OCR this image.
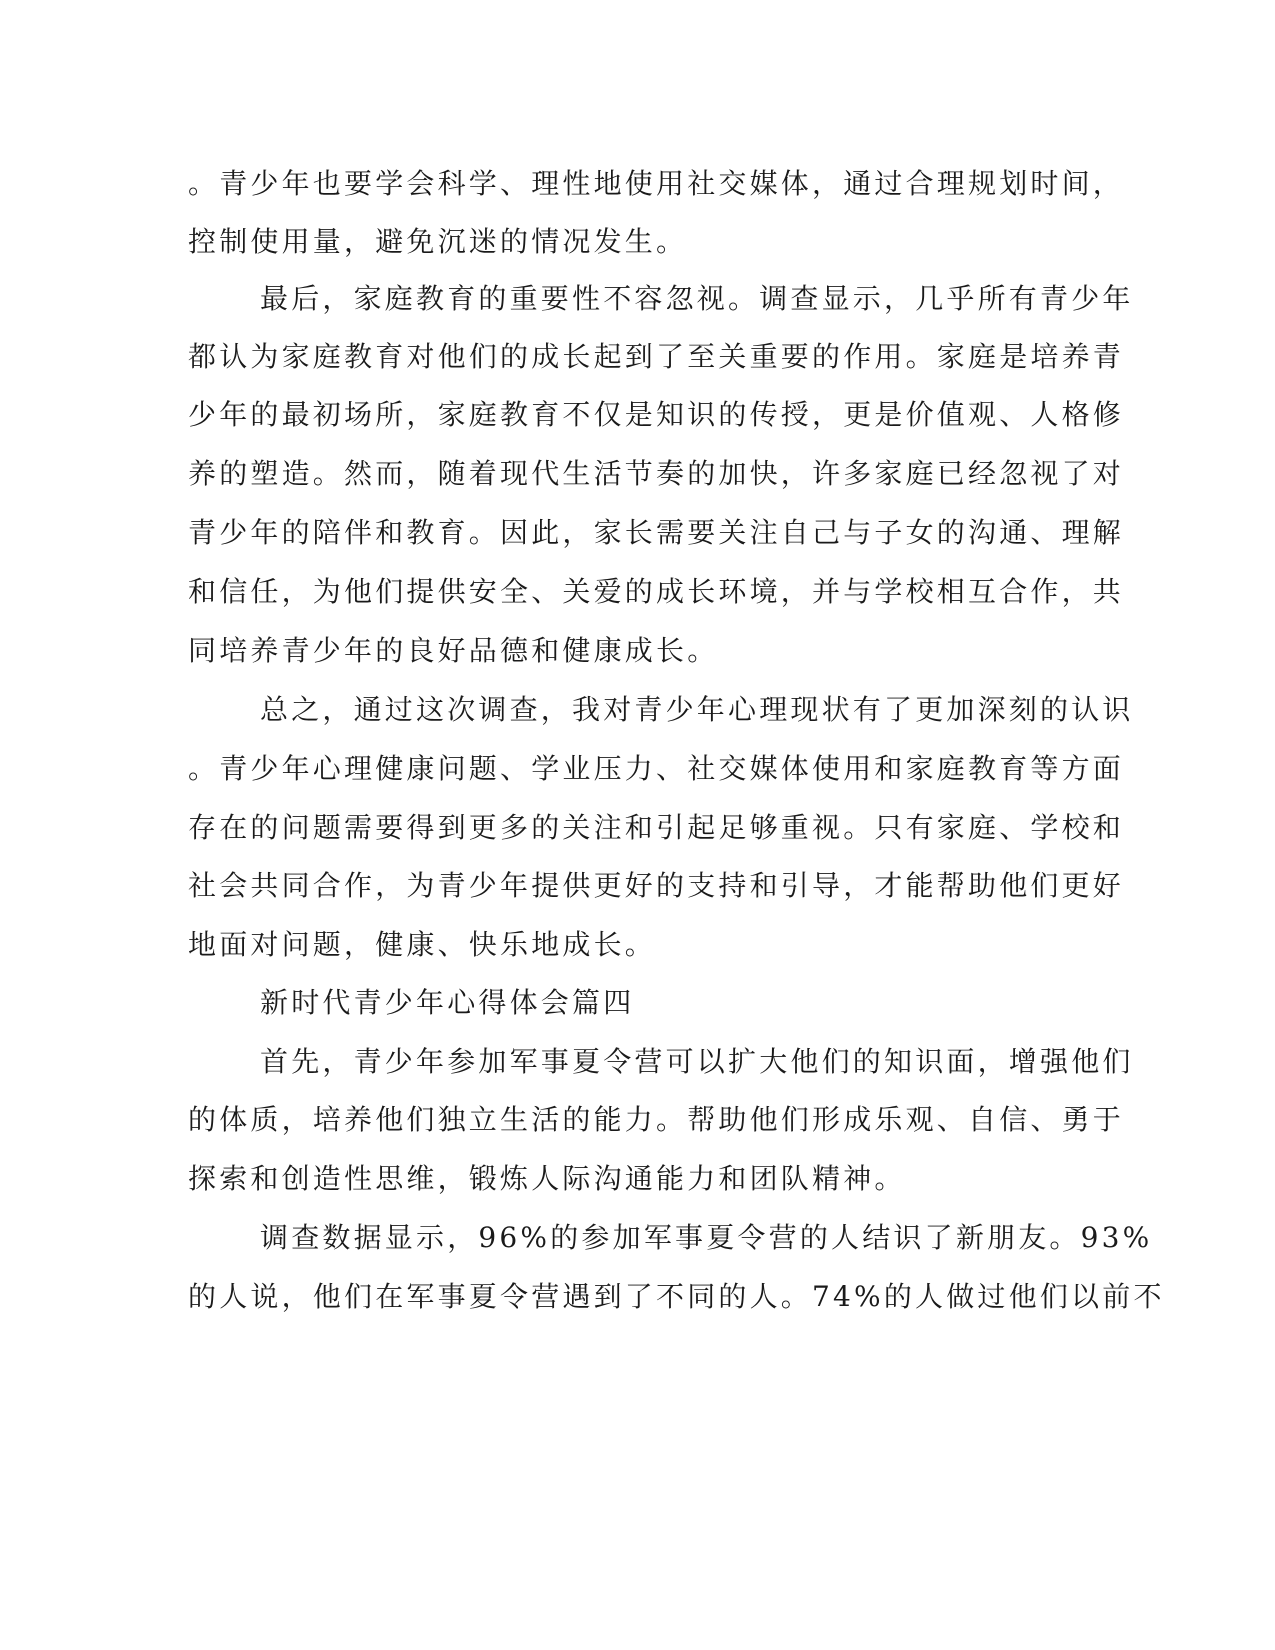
。青少年也要学会科学、理性地使用社交媒体，通过合理规划时间，
控制使用量，避免沉迷的情况发生。
最后，家庭教育的重要性不容忽视。调查显示，几乎所有青少年
都认为家庭教育对他们的成长起到了至关重要的作用。家庭是培养青
少年的最初场所，家庭教育不仅是知识的传授，更是价值观、人格修
养的塑造。然而，随着现代生活节奏的加快，许多家庭已经忽视了对
青少年的陪伴和教育。因此，家长需要关注自己与子女的沟通、理解
和信任，为他们提供安全、关爱的成长环境，并与学校相互合作，共
同培养青少年的良好品德和健康成长。
总之，通过这次调查，我对青少年心理现状有了更加深刻的认识
。青少年心理健康问题、学业压力、社交媒体使用和家庭教育等方面
存在的问题需要得到更多的关注和引起足够重视。只有家庭、学校和
社会共同合作，为青少年提供更好的支持和引导，才能帮助他们更好
地面对问题，健康、快乐地成长。
新时代青少年心得体会篇四
首先，青少年参加军事夏令营可以扩大他们的知识面，增强他们
的体质，培养他们独立生活的能力。帮助他们形成乐观、自信、勇于
探索和创造性思维，锻炼人际沟通能力和团队精神。
调查数据显示，96%的参加军事夏令营的人结识了新朋友。93%
的人说，他们在军事夏令营遇到了不同的人。74%的人做过他们以前不
